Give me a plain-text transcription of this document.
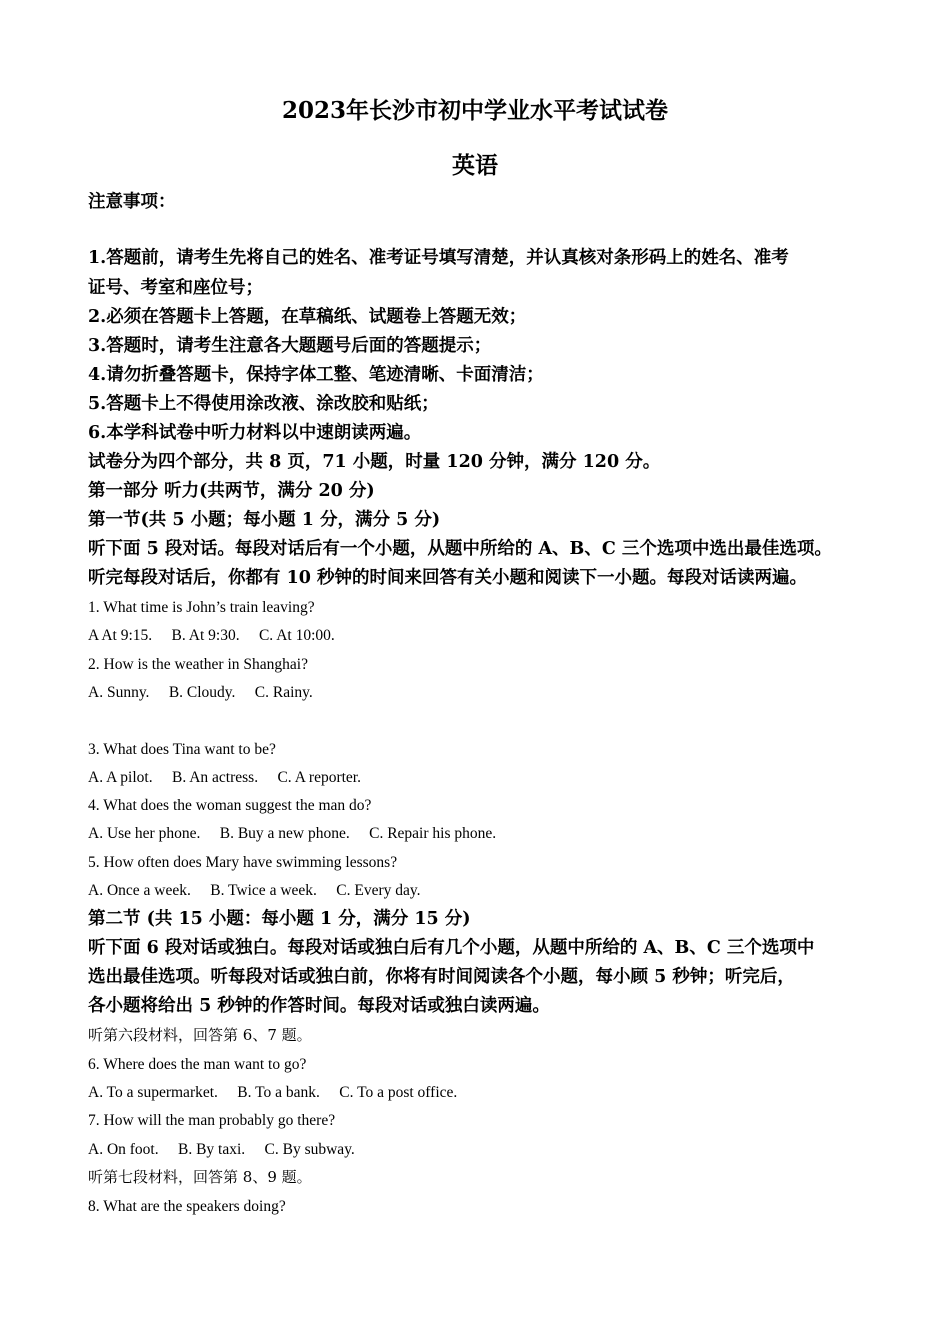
2023年长沙市初中学业水平考试试卷
英语
注意事项：
1.答题前，请考生先将自己的姓名、准考证号填写清楚，并认真核对条形码上的姓名、准考
证号、考室和座位号；
2.必须在答题卡上答题，在草稿纸、试题卷上答题无效；
3.答题时，请考生注意各大题题号后面的答题提示；
4.请勿折叠答题卡，保持字体工整、笔迹清晰、卡面清洁；
5.答题卡上不得使用涂改液、涂改胶和贴纸；
6.本学科试卷中听力材料以中速朗读两遍。
试卷分为四个部分，共 8 页，71 小题，时量 120 分钟，满分 120 分。
第一部分 听力(共两节，满分 20 分)
第一节(共 5 小题；每小题 1 分，满分 5 分)
听下面 5 段对话。每段对话后有一个小题，从题中所给的 A、B、C 三个选项中选出最佳选项。
听完每段对话后，你都有 10 秒钟的时间来回答有关小题和阅读下一小题。每段对话读两遍。
1. What time is John’s train leaving?
A At 9:15. B. At 9:30. C. At 10:00.
2. How is the weather in Shanghai?
A. Sunny. B. Cloudy. C. Rainy.
3. What does Tina want to be?
A. A pilot. B. An actress. C. A reporter.
4. What does the woman suggest the man do?
A. Use her phone. B. Buy a new phone. C. Repair his phone.
5. How often does Mary have swimming lessons?
A. Once a week. B. Twice a week. C. Every day.
第二节 (共 15 小题：每小题 1 分，满分 15 分)
听下面 6 段对话或独白。每段对话或独白后有几个小题，从题中所给的 A、B、C 三个选项中
选出最佳选项。听每段对话或独白前，你将有时间阅读各个小题，每小顾 5 秒钟；听完后，
各小题将给出 5 秒钟的作答时间。每段对话或独白读两遍。
听第六段材料，回答第 6、7 题。
6. Where does the man want to go?
A. To a supermarket. B. To a bank. C. To a post office.
7. How will the man probably go there?
A. On foot. B. By taxi. C. By subway.
听第七段材料，回答第 8、9 题。
8. What are the speakers doing?
